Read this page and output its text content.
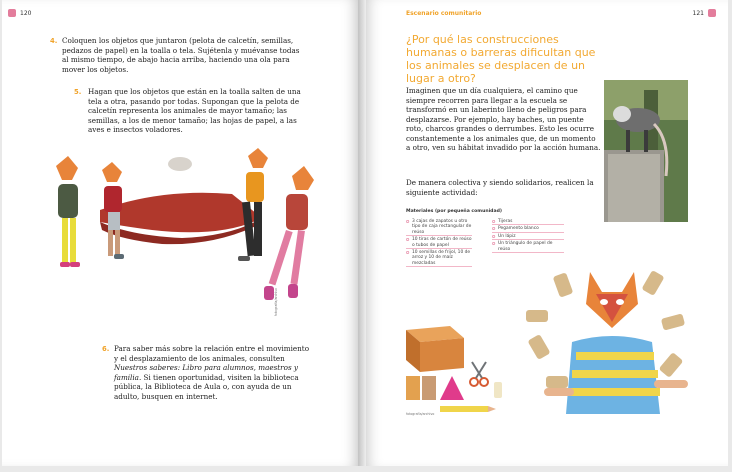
120
4. Coloquen los objetos que juntaron (pelota de calcetín, semillas, pedazos de papel) en la toalla o tela. Sujétenla y muévanse todas al mismo tiempo, de abajo hacia arriba, haciendo una ola para mover los objetos.
5. Hagan que los objetos que están en la toalla salten de una tela a otra, pasando por todas. Supongan que la pelota de calcetín representa los animales de mayor tamaño; las semillas, a los de menor tamaño; las hojas de papel, a las aves e insectos voladores.
fotografía/archivo
6. Para saber más sobre la relación entre el movimiento y el desplazamiento de los animales, consulten Nuestros saberes: Libro para alumnos, maestros y familia. Si tienen oportunidad, visiten la biblioteca pública, la Biblioteca de Aula o, con ayuda de un adulto, busquen en internet.
Escenario comunitario	121
¿Por qué las construcciones humanas o barreras dificultan que los animales se desplacen de un lugar a otro?
Imaginen que un día cualquiera, el camino que siempre recorren para llegar a la escuela se transformó en un laberinto lleno de peligros para desplazarse. Por ejemplo, hay baches, un puente roto, charcos grandes o derrumbes. Esto les ocurre constantemente a los animales que, de un momento a otro, ven su hábitat invadido por la acción humana.
De manera colectiva y siendo solidarios, realicen la siguiente actividad:
Materiales (por pequeña comunidad)
✪ 3 cajas de zapatos u otro tipo de caja rectangular de reúso
✪ 10 tiras de cartón de reúso o tubos de papel
✪ 10 semillas de frijol, 10 de arroz y 10 de maíz mezcladas
✪ Tijeras
✪ Pegamento blanco
✪ Un lápiz
✪ Un triángulo de papel de reúso
fotografía/archivo
